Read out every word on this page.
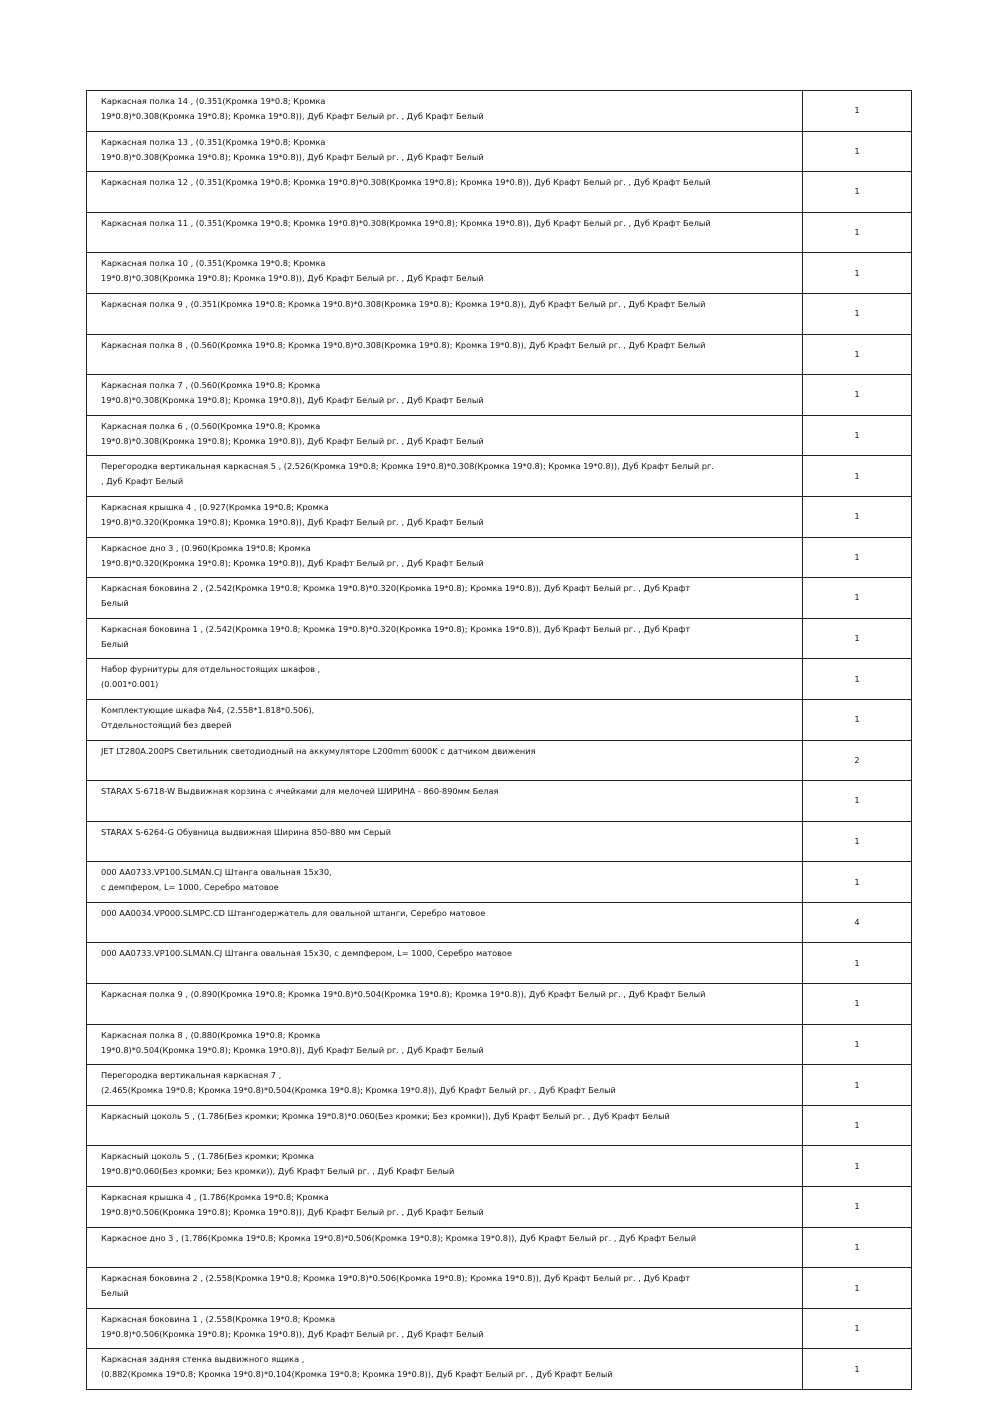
Каркасная полка 14 , (0.351(Кромка 19*0.8; Кромка
19*0.8)*0.308(Кромка 19*0.8); Кромка 19*0.8)), Дуб Крафт Белый рг. , Дуб Крафт Белый	1
Каркасная полка 13 , (0.351(Кромка 19*0.8; Кромка
19*0.8)*0.308(Кромка 19*0.8); Кромка 19*0.8)), Дуб Крафт Белый рг. , Дуб Крафт Белый	1
Каркасная полка 12 , (0.351(Кромка 19*0.8; Кромка 19*0.8)*0.308(Кромка 19*0.8); Кромка 19*0.8)), Дуб Крафт Белый рг. , Дуб Крафт Белый	1
Каркасная полка 11 , (0.351(Кромка 19*0.8; Кромка 19*0.8)*0.308(Кромка 19*0.8); Кромка 19*0.8)), Дуб Крафт Белый рг. , Дуб Крафт Белый	1
Каркасная полка 10 , (0.351(Кромка 19*0.8; Кромка
19*0.8)*0.308(Кромка 19*0.8); Кромка 19*0.8)), Дуб Крафт Белый рг. , Дуб Крафт Белый	1
Каркасная полка 9 , (0.351(Кромка 19*0.8; Кромка 19*0.8)*0.308(Кромка 19*0.8); Кромка 19*0.8)), Дуб Крафт Белый рг. , Дуб Крафт Белый	1
Каркасная полка 8 , (0.560(Кромка 19*0.8; Кромка 19*0.8)*0.308(Кромка 19*0.8); Кромка 19*0.8)), Дуб Крафт Белый рг. , Дуб Крафт Белый	1
Каркасная полка 7 , (0.560(Кромка 19*0.8; Кромка
19*0.8)*0.308(Кромка 19*0.8); Кромка 19*0.8)), Дуб Крафт Белый рг. , Дуб Крафт Белый	1
Каркасная полка 6 , (0.560(Кромка 19*0.8; Кромка
19*0.8)*0.308(Кромка 19*0.8); Кромка 19*0.8)), Дуб Крафт Белый рг. , Дуб Крафт Белый	1
Перегородка вертикальная каркасная 5 , (2.526(Кромка 19*0.8; Кромка 19*0.8)*0.308(Кромка 19*0.8); Кромка 19*0.8)), Дуб Крафт Белый рг.
, Дуб Крафт Белый	1
Каркасная крышка 4 , (0.927(Кромка 19*0.8; Кромка
19*0.8)*0.320(Кромка 19*0.8); Кромка 19*0.8)), Дуб Крафт Белый рг. , Дуб Крафт Белый	1
Каркасное дно 3 , (0.960(Кромка 19*0.8; Кромка
19*0.8)*0.320(Кромка 19*0.8); Кромка 19*0.8)), Дуб Крафт Белый рг. , Дуб Крафт Белый	1
Каркасная боковина 2 , (2.542(Кромка 19*0.8; Кромка 19*0.8)*0.320(Кромка 19*0.8); Кромка 19*0.8)), Дуб Крафт Белый рг. , Дуб Крафт
Белый	1
Каркасная боковина 1 , (2.542(Кромка 19*0.8; Кромка 19*0.8)*0.320(Кромка 19*0.8); Кромка 19*0.8)), Дуб Крафт Белый рг. , Дуб Крафт
Белый	1
Набор фурнитуры для отдельностоящих шкафов ,
(0.001*0.001)	1
Комплектующие шкафа №4, (2.558*1.818*0.506),
Отдельностоящий без дверей	1
JET LT280A.200PS Светильник светодиодный на аккумуляторе L200mm 6000K с датчиком движения	2
STARAX S-6718-W Выдвижная корзина с ячейками для мелочей ШИРИНА - 860-890мм Белая	1
STARAX S-6264-G Обувница выдвижная Ширина 850-880 мм Серый	1
000 AA0733.VP100.SLMAN.CJ Штанга овальная 15x30,
с демпфером, L= 1000, Серебро матовое	1
000 AA0034.VP000.SLMPC.CD Штангодержатель для овальной штанги, Серебро матовое	4
000 AA0733.VP100.SLMAN.CJ Штанга овальная 15x30, с демпфером, L= 1000, Серебро матовое	1
Каркасная полка 9 , (0.890(Кромка 19*0.8; Кромка 19*0.8)*0.504(Кромка 19*0.8); Кромка 19*0.8)), Дуб Крафт Белый рг. , Дуб Крафт Белый	1
Каркасная полка 8 , (0.880(Кромка 19*0.8; Кромка
19*0.8)*0.504(Кромка 19*0.8); Кромка 19*0.8)), Дуб Крафт Белый рг. , Дуб Крафт Белый	1
Перегородка вертикальная каркасная 7 ,
(2.465(Кромка 19*0.8; Кромка 19*0.8)*0.504(Кромка 19*0.8); Кромка 19*0.8)), Дуб Крафт Белый рг. , Дуб Крафт Белый	1
Каркасный цоколь 5 , (1.786(Без кромки; Кромка 19*0.8)*0.060(Без кромки; Без кромки)), Дуб Крафт Белый рг. , Дуб Крафт Белый	1
Каркасный цоколь 5 , (1.786(Без кромки; Кромка
19*0.8)*0.060(Без кромки; Без кромки)), Дуб Крафт Белый рг. , Дуб Крафт Белый	1
Каркасная крышка 4 , (1.786(Кромка 19*0.8; Кромка
19*0.8)*0.506(Кромка 19*0.8); Кромка 19*0.8)), Дуб Крафт Белый рг. , Дуб Крафт Белый	1
Каркасное дно 3 , (1.786(Кромка 19*0.8; Кромка 19*0.8)*0.506(Кромка 19*0.8); Кромка 19*0.8)), Дуб Крафт Белый рг. , Дуб Крафт Белый	1
Каркасная боковина 2 , (2.558(Кромка 19*0.8; Кромка 19*0.8)*0.506(Кромка 19*0.8); Кромка 19*0.8)), Дуб Крафт Белый рг. , Дуб Крафт
Белый	1
Каркасная боковина 1 , (2.558(Кромка 19*0.8; Кромка
19*0.8)*0.506(Кромка 19*0.8); Кромка 19*0.8)), Дуб Крафт Белый рг. , Дуб Крафт Белый	1
Каркасная задняя стенка выдвижного ящика ,
(0.882(Кромка 19*0.8; Кромка 19*0.8)*0.104(Кромка 19*0.8; Кромка 19*0.8)), Дуб Крафт Белый рг. , Дуб Крафт Белый	1
